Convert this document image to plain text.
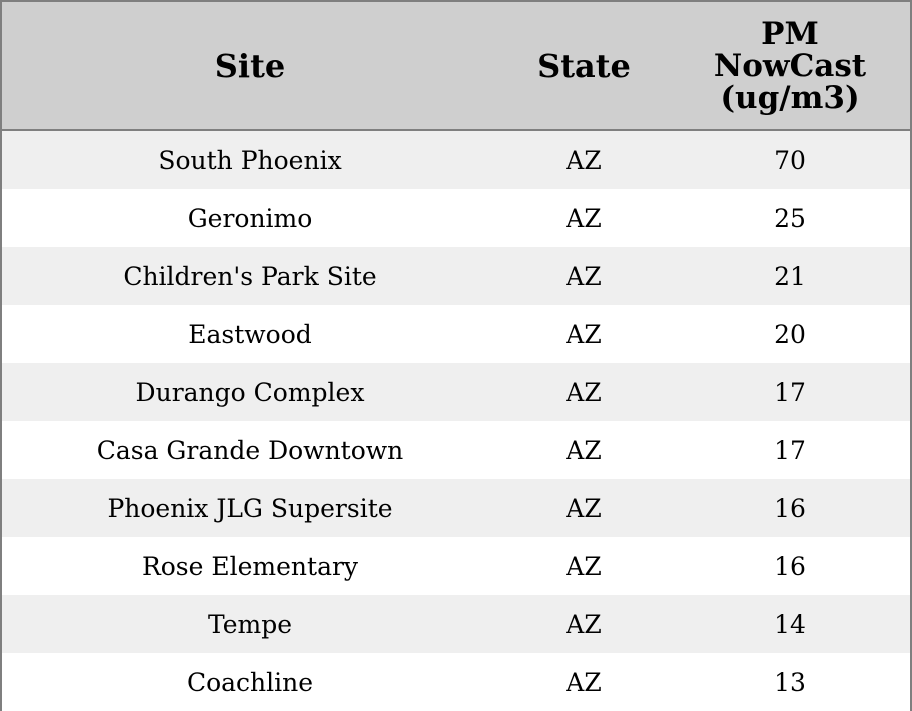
Site	State	PM
NowCast
(ug/m3)

South Phoenix	AZ	70
Geronimo	AZ	25
Children's Park Site	AZ	21
Eastwood	AZ	20
Durango Complex	AZ	17
Casa Grande Downtown	AZ	17
Phoenix JLG Supersite	AZ	16
Rose Elementary	AZ	16
Tempe	AZ	14
Coachline	AZ	13
